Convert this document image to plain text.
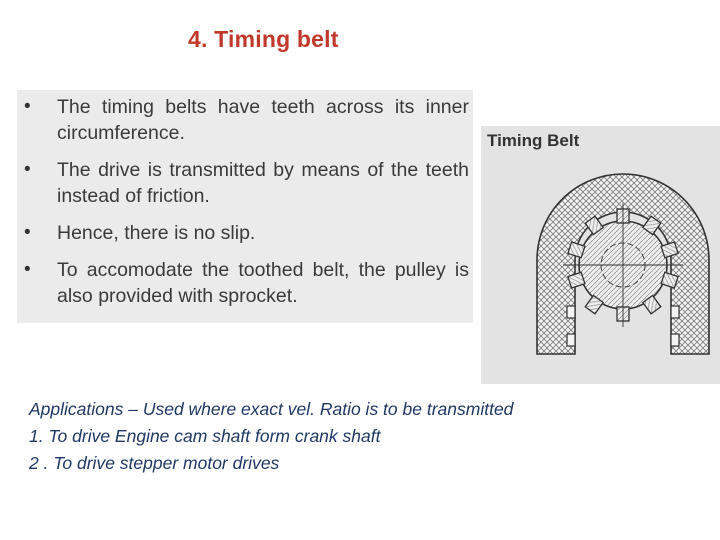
4. Timing belt
• The timing belts have teeth across its inner circumference.
• The drive is transmitted by means of the teeth instead of friction.
• Hence, there is no slip.
• To accomodate the toothed belt, the pulley is also provided with sprocket.
Timing Belt
Applications – Used where exact vel. Ratio is to be transmitted
1. To drive Engine cam shaft form crank shaft
2 . To drive stepper motor drives
